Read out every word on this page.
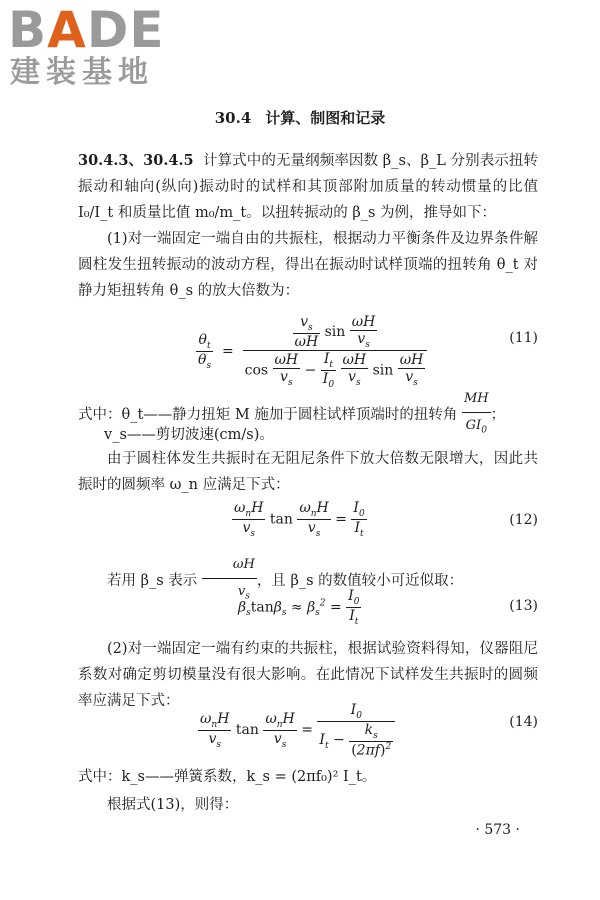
BADE
建装基地
30.4 计算、制图和记录
30.4.3、30.4.5 计算式中的无量纲频率因数 β_s、β_L 分别表示扭转振动和轴向(纵向)振动时的试样和其顶部附加质量的转动惯量的比值 I₀/I_t 和质量比值 m₀/m_t。以扭转振动的 β_s 为例，推导如下：
(1)对一端固定一端自由的共振柱，根据动力平衡条件及边界条件解圆柱发生扭转振动的波动方程，得出在振动时试样顶端的扭转角 θ_t 对静力矩扭转角 θ_s 的放大倍数为：
$\frac{\theta_t}{\theta_s} = \frac{v_s}{\omega H}$ $\sin \frac{\omega H}{v_s}$
$\cos \frac{\omega H}{v_s} - \frac{I_t}{I_0}$
$\frac{\omega H}{v_s}$ $\sin \frac{\omega H}{v_s}$	(11)
式中：θ_t——静力扭矩 M 施加于圆柱试样顶端时的扭转角 $\frac{MH}{GI_0}$ ；
v_s——剪切波速(cm/s)。
由于圆柱体发生共振时在无阻尼条件下放大倍数无限增大，因此共振时的圆频率 ω_n 应满足下式：
$\frac{\omega_nH}{v_s}$ $\tan \frac{\omega_nH}{v_s} = \frac{I_0}{I_t}$	(12)
若用 β_s 表示 $\frac{\omega H}{v_s}$ ，且 β_s 的数值较小可近似取：
$\beta_s\tan\beta_s \approx \beta_s^2 = \frac{I_0}{I_t}$	(13)
(2)对一端固定一端有约束的共振柱，根据试验资料得知，仪器阻尼系数对确定剪切模量没有很大影响。在此情况下试样发生共振时的圆频率应满足下式：
$\frac{\omega_nH}{v_s}$ $\tan \frac{\omega_nH}{v_s} = \frac{I_0}{I_t - \frac{k_s}{(2\pi f)^2}}$	(14)
式中：k_s——弹簧系数，k_s = (2πf₀)² I_t。
根据式(13)，则得：
· 573 ·
